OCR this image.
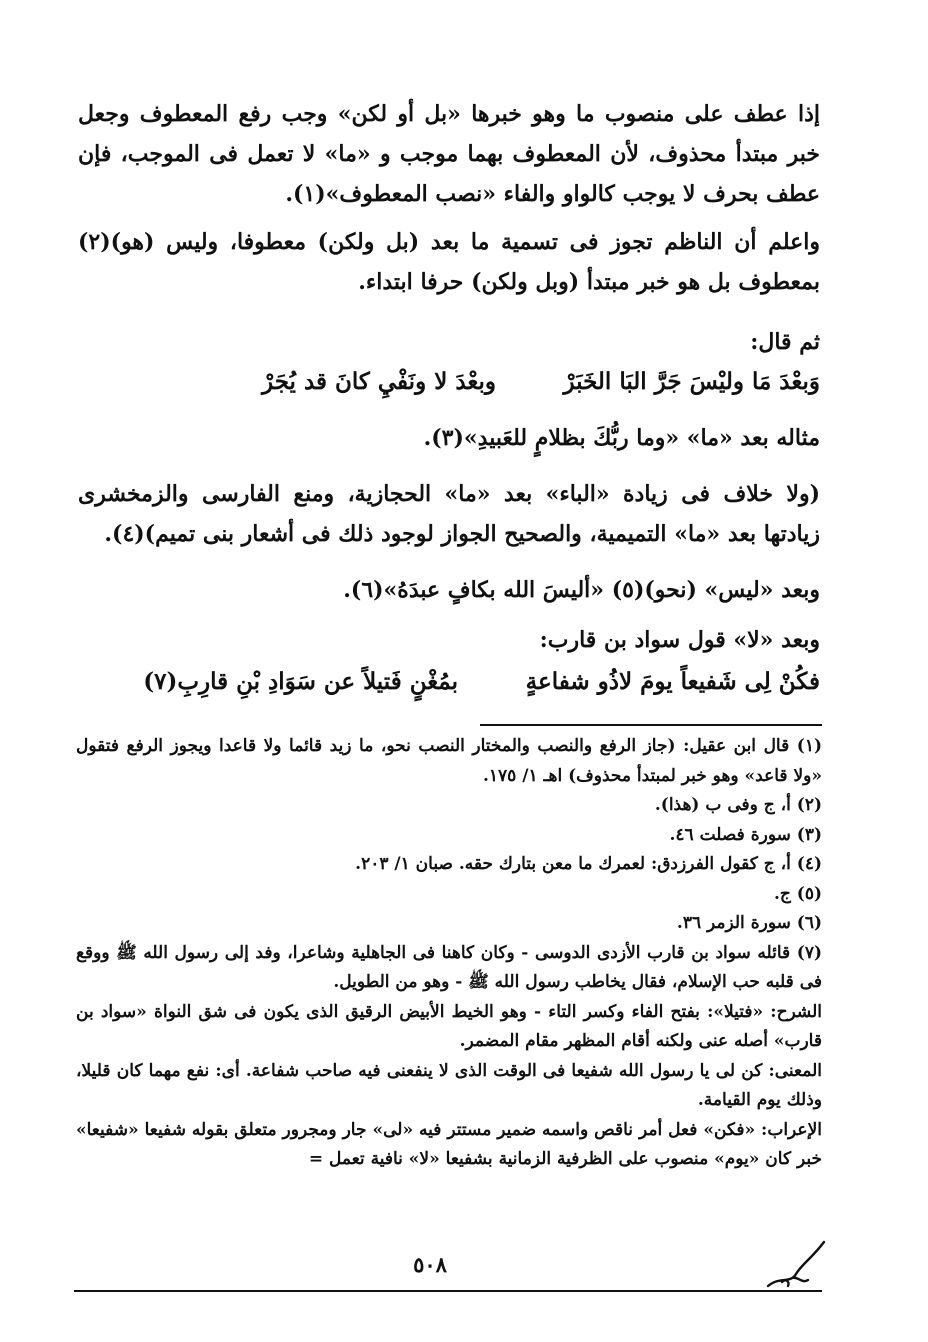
إذا عطف على منصوب ما وهو خبرها «بل أو لكن» وجب رفع المعطوف وجعل خبر مبتدأ محذوف، لأن المعطوف بهما موجب و «ما» لا تعمل فى الموجب، فإن عطف بحرف لا يوجب كالواو والفاء «نصب المعطوف»(١).
واعلم أن الناظم تجوز فى تسمية ما بعد (بل ولكن) معطوفا، وليس (هو)(٢) بمعطوف بل هو خبر مبتدأ (وبل ولكن) حرفا ابتداء.
ثم قال:
وَبعْدَ مَا وليْسَ جَرَّ البَا الخَبَرْ
وبعْدَ لا ونَفْيِ كانَ قد يُجَرْ
مثاله بعد «ما» «وما ربُّكَ بظلامٍ للعَبيدِ»(٣).
(ولا خلاف فى زيادة «الباء» بعد «ما» الحجازية، ومنع الفارسى والزمخشرى زيادتها بعد «ما» التميمية، والصحيح الجواز لوجود ذلك فى أشعار بنى تميم)(٤).
وبعد «ليس» (نحو)(٥) «أليسَ الله بكافٍ عبدَهُ»(٦).
وبعد «لا» قول سواد بن قارب:
فكُنْ لِى شَفيعاً يومَ لاذُو شفاعةٍ
بمُغْنٍ فَتيلاً عن سَوَادِ بْنِ قارِبِ(٧)

(١) قال ابن عقيل: (جاز الرفع والنصب والمختار النصب نحو، ما زيد قائما ولا قاعدا ويجوز الرفع فتقول «ولا قاعد» وهو خبر لمبتدأ محذوف) اهـ ١/ ١٧٥.

(٢) أ، ج وفى ب (هذا).

(٣) سورة فصلت ٤٦.

(٤) أ، ج كقول الفرزدق: لعمرك ما معن بتارك حقه. صبان ١/ ٢٠٣.

(٥) ج.

(٦) سورة الزمر ٣٦.

(٧) قائله سواد بن قارب الأزدى الدوسى - وكان كاهنا فى الجاهلية وشاعرا، وفد إلى رسول الله ﷺ ووقع فى قلبه حب الإسلام، فقال يخاطب رسول الله ﷺ - وهو من الطويل.

الشرح: «فتيلا»: بفتح الفاء وكسر التاء - وهو الخيط الأبيض الرقيق الذى يكون فى شق النواة «سواد بن قارب» أصله عنى ولكنه أقام المظهر مقام المضمر.

المعنى: كن لى يا رسول الله شفيعا فى الوقت الذى لا ينفعنى فيه صاحب شفاعة. أى: نفع مهما كان قليلا، وذلك يوم القيامة.

الإعراب: «فكن» فعل أمر ناقص واسمه ضمير مستتر فيه «لى» جار ومجرور متعلق بقوله شفيعا «شفيعا» خبر كان «يوم» منصوب على الظرفية الزمانية بشفيعا «لا» نافية تعمل =

٥٠٨
